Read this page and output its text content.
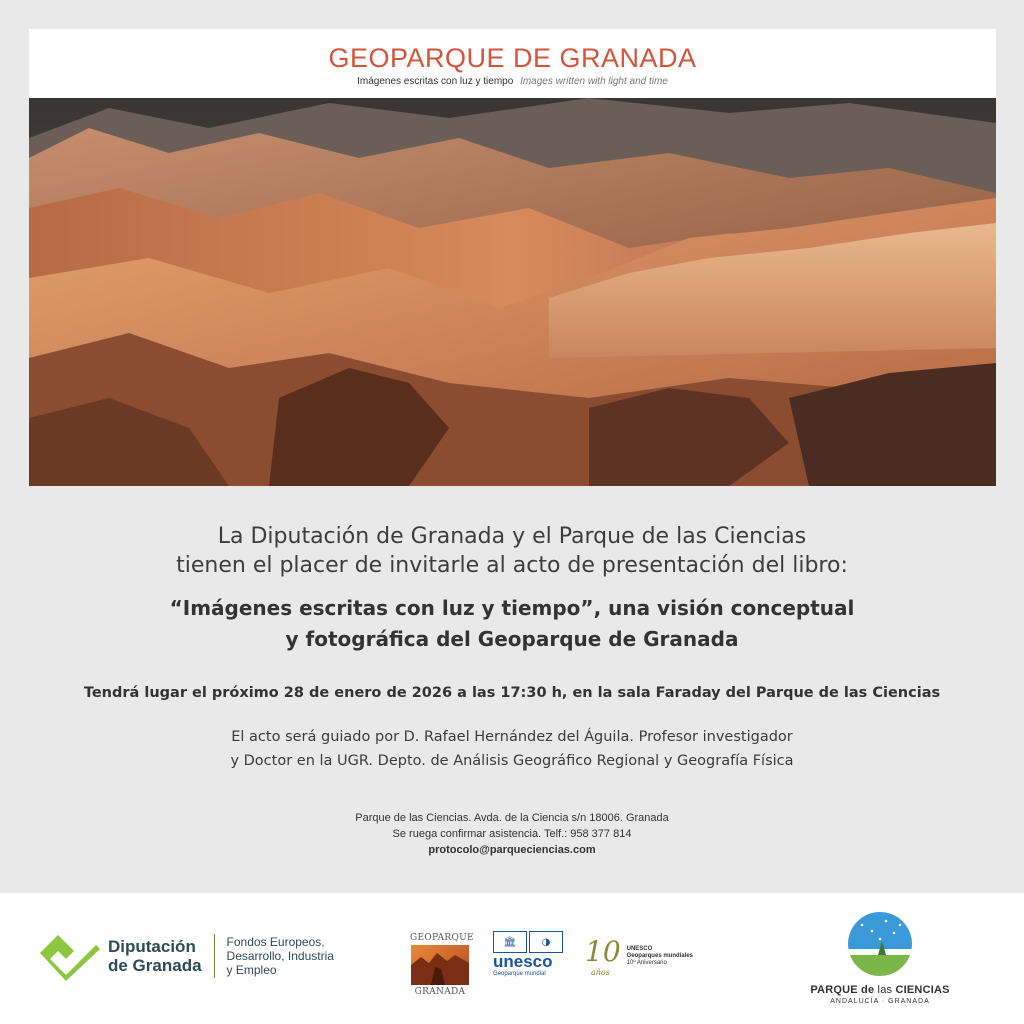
GEOPARQUE DE GRANADA
Imágenes escritas con luz y tiempo Images written with light and time
La Diputación de Granada y el Parque de las Ciencias
tienen el placer de invitarle al acto de presentación del libro:
“Imágenes escritas con luz y tiempo”, una visión conceptual
y fotográfica del Geoparque de Granada
Tendrá lugar el próximo 28 de enero de 2026 a las 17:30 h, en la sala Faraday del Parque de las Ciencias
El acto será guiado por D. Rafael Hernández del Águila. Profesor investigador
y Doctor en la UGR. Depto. de Análisis Geográfico Regional y Geografía Física
Parque de las Ciencias. Avda. de la Ciencia s/n 18006. Granada
Se ruega confirmar asistencia. Telf.: 958 377 814
protocolo@parqueciencias.com
Diputación
de Granada
Fondos Europeos,
Desarrollo, Industria
y Empleo
GEOPARQUE
GRANADA
🏛	◑
unesco
Geoparque mundial
10
años
UNESCO
Geoparques mundiales
10º Aniversario
PARQUE de las CIENCIAS
ANDALUCÍA · GRANADA
